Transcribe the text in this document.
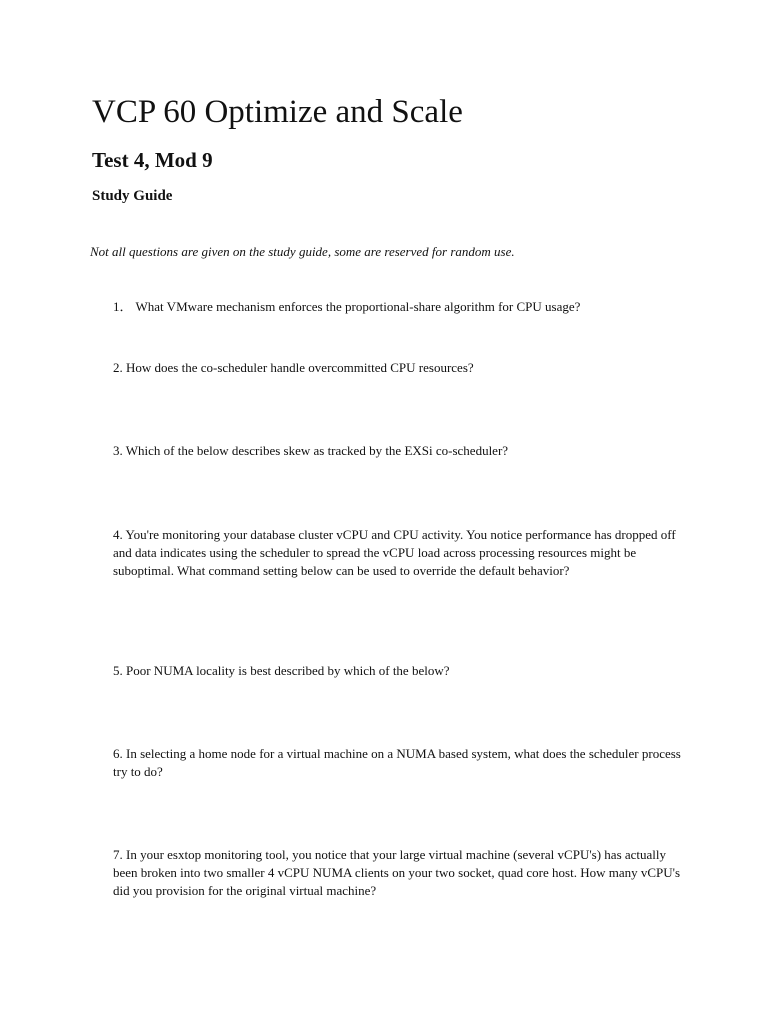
VCP 60 Optimize and Scale
Test 4, Mod 9
Study Guide

Not all questions are given on the study guide, some are reserved for random use.

1． What VMware mechanism enforces the proportional-share algorithm for CPU usage?

2. How does the co-scheduler handle overcommitted CPU resources?

3. Which of the below describes skew as tracked by the EXSi co-scheduler?

4. You're monitoring your database cluster vCPU and CPU activity. You notice performance has dropped off and data indicates using the scheduler to spread the vCPU load across processing resources might be suboptimal. What command setting below can be used to override the default behavior?

5. Poor NUMA locality is best described by which of the below?

6. In selecting a home node for a virtual machine on a NUMA based system, what does the scheduler process try to do?

7. In your esxtop monitoring tool, you notice that your large virtual machine (several vCPU's) has actually been broken into two smaller 4 vCPU NUMA clients on your two socket, quad core host. How many vCPU's did you provision for the original virtual machine?
